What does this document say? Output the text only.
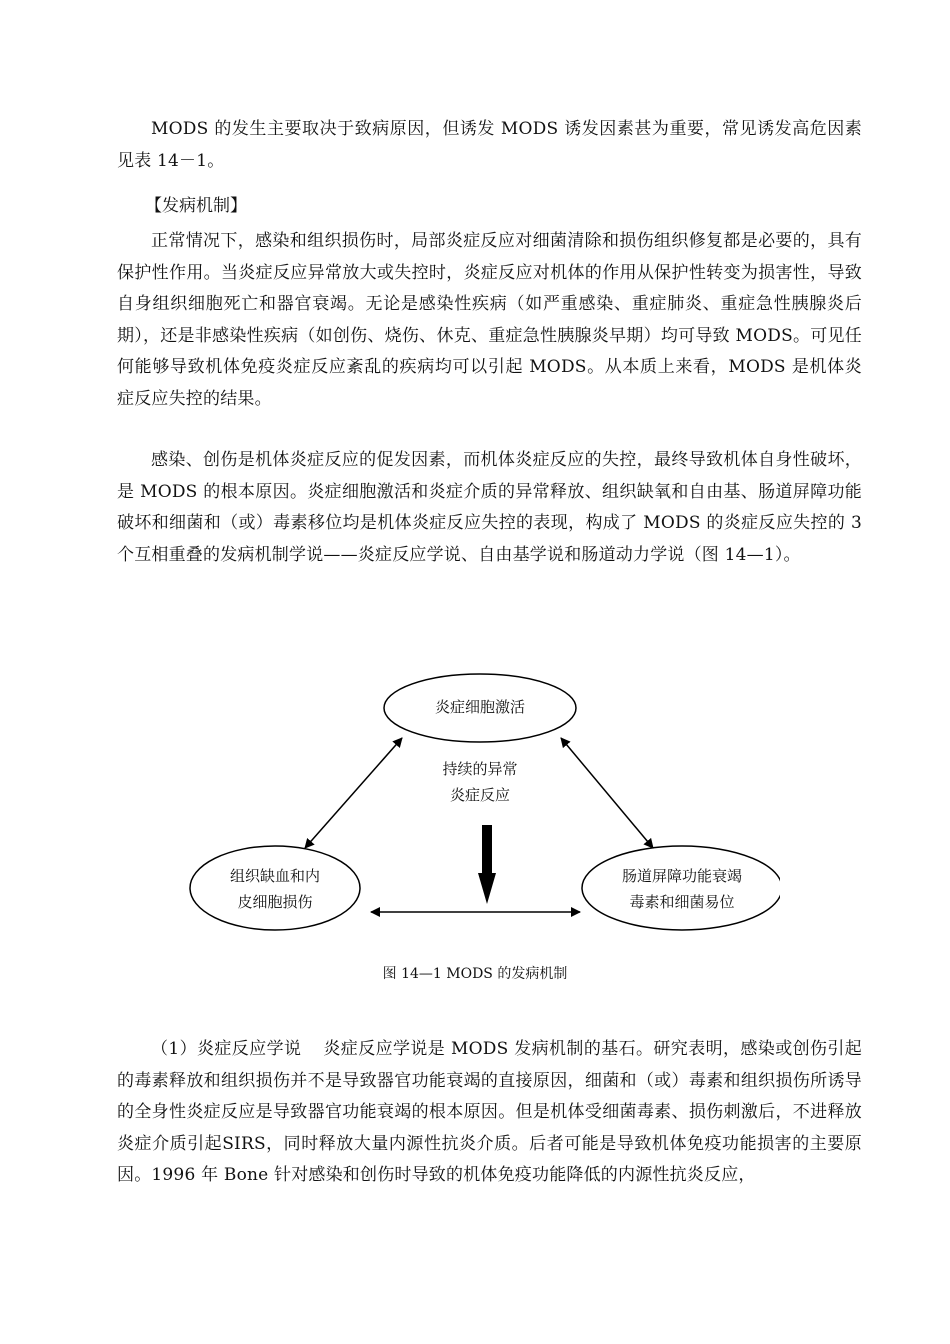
MODS 的发生主要取决于致病原因，但诱发 MODS 诱发因素甚为重要，常见诱发高危因素见表 14－1。

【发病机制】

正常情况下，感染和组织损伤时，局部炎症反应对细菌清除和损伤组织修复都是必要的，具有保护性作用。当炎症反应异常放大或失控时，炎症反应对机体的作用从保护性转变为损害性，导致自身组织细胞死亡和器官衰竭。无论是感染性疾病（如严重感染、重症肺炎、重症急性胰腺炎后期），还是非感染性疾病（如创伤、烧伤、休克、重症急性胰腺炎早期）均可导致 MODS。可见任何能够导致机体免疫炎症反应紊乱的疾病均可以引起 MODS。从本质上来看，MODS 是机体炎症反应失控的结果。

感染、创伤是机体炎症反应的促发因素，而机体炎症反应的失控，最终导致机体自身性破坏，是 MODS 的根本原因。炎症细胞激活和炎症介质的异常释放、组织缺氧和自由基、肠道屏障功能破坏和细菌和（或）毒素移位均是机体炎症反应失控的表现，构成了 MODS 的炎症反应失控的 3 个互相重叠的发病机制学说——炎症反应学说、自由基学说和肠道动力学说（图 14—1）。

炎症细胞激活
持续的异常
炎症反应
组织缺血和内
皮细胞损伤
肠道屏障功能衰竭
毒素和细菌易位
图 14—1 MODS 的发病机制

（1）炎症反应学说 炎症反应学说是 MODS 发病机制的基石。研究表明，感染或创伤引起的毒素释放和组织损伤并不是导致器官功能衰竭的直接原因，细菌和（或）毒素和组织损伤所诱导的全身性炎症反应是导致器官功能衰竭的根本原因。但是机体受细菌毒素、损伤刺激后，不进释放炎症介质引起SIRS，同时释放大量内源性抗炎介质。后者可能是导致机体免疫功能损害的主要原因。1996 年 Bone 针对感染和创伤时导致的机体免疫功能降低的内源性抗炎反应，
